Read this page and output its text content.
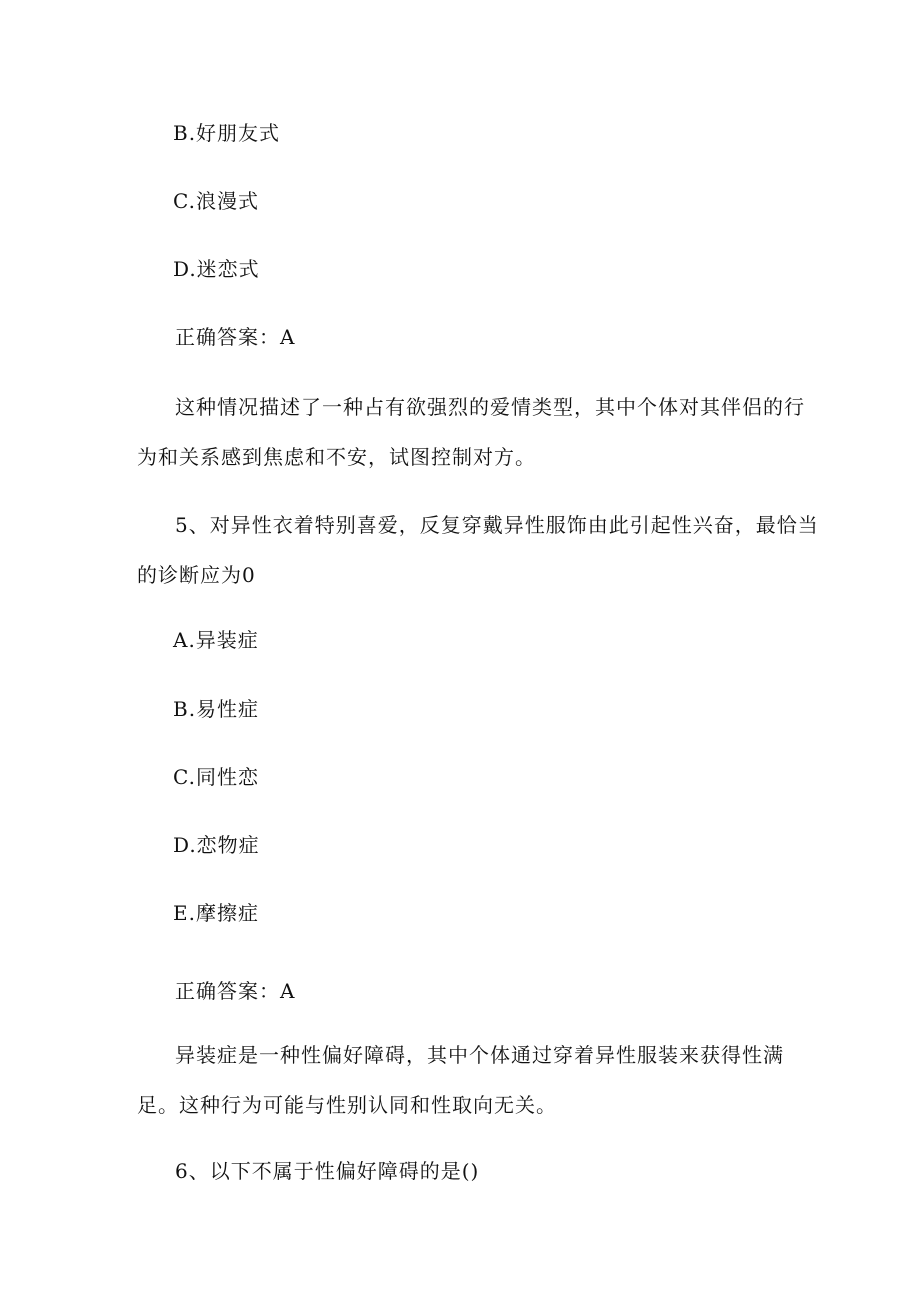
B.好朋友式
C.浪漫式
D.迷恋式
正确答案：A
这种情况描述了一种占有欲强烈的爱情类型，其中个体对其伴侣的行
为和关系感到焦虑和不安，试图控制对方。
5、对异性衣着特别喜爱，反复穿戴异性服饰由此引起性兴奋，最恰当
的诊断应为0
A.异装症
B.易性症
C.同性恋
D.恋物症
E.摩擦症
正确答案：A
异装症是一种性偏好障碍，其中个体通过穿着异性服装来获得性满
足。这种行为可能与性别认同和性取向无关。
6、以下不属于性偏好障碍的是()
